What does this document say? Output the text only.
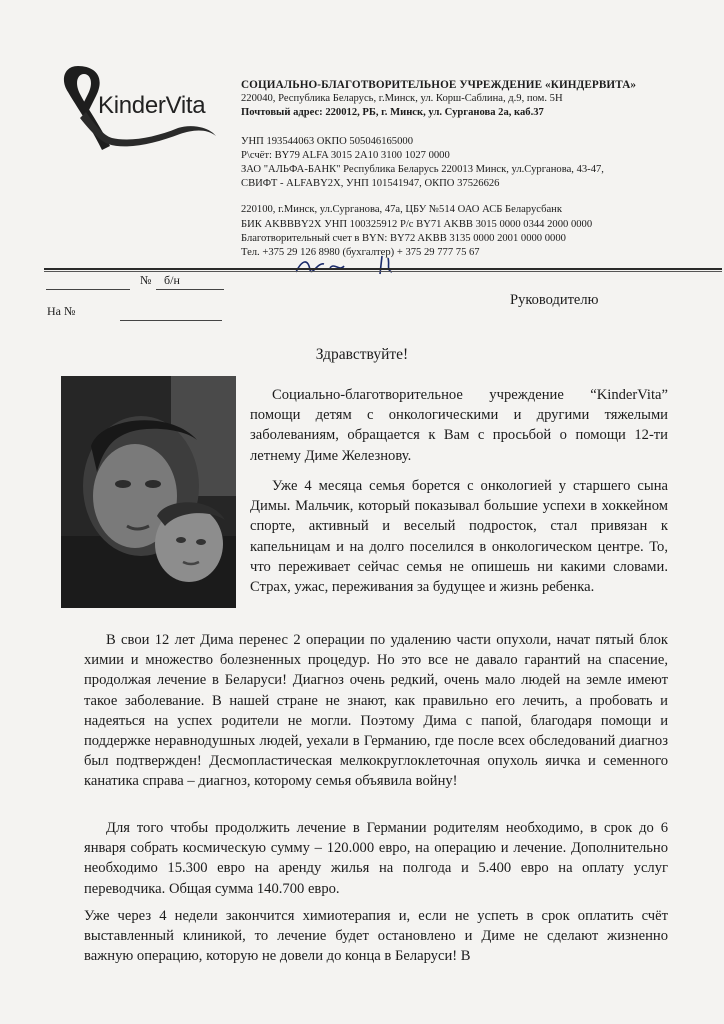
KinderVita
СОЦИАЛЬНО-БЛАГОТВОРИТЕЛЬНОЕ УЧРЕЖДЕНИЕ «КИНДЕРВИТА»
220040, Республика Беларусь, г.Минск, ул. Корш-Саблина, д.9, пом. 5Н
Почтовый адрес: 220012, РБ, г. Минск, ул. Сурганова 2а, каб.37
УНП 193544063 ОКПО 505046165000
Р\счёт: BY79 ALFA 3015 2A10 3100 1027 0000
ЗАО "АЛЬФА-БАНК" Республика Беларусь 220013 Минск, ул.Сурганова, 43-47,
СВИФТ - ALFABY2X, УНП 101541947, ОКПО 37526626
220100, г.Минск, ул.Сурганова, 47а, ЦБУ №514 ОАО АСБ Беларусбанк
БИК AKBBBY2X УНП 100325912 Р/с BY71 AKBB 3015 0000 0344 2000 0000
Благотворительный счет в BYN: BY72 AKBB 3135 0000 2001 0000 0000
Тел. +375 29 126 8980 (бухгалтер) + 375 29 777 75 67
№ б/н
На №
Руководителю
Здравствуйте!

Социально-благотворительное учреждение “KinderVita” помощи детям с онкологическими и другими тяжелыми заболеваниям, обращается к Вам с просьбой о помощи 12-ти летнему Диме Железнову.

Уже 4 месяца семья борется с онкологией у старшего сына Димы. Мальчик, который показывал большие успехи в хоккейном спорте, активный и веселый подросток, стал привязан к капельницам и на долго поселился в онкологическом центре. То, что переживает сейчас семья не опишешь ни какими словами. Страх, ужас, переживания за будущее и жизнь ребенка.

В свои 12 лет Дима перенес 2 операции по удалению части опухоли, начат пятый блок химии и множество болезненных процедур. Но это все не давало гарантий на спасение, продолжая лечение в Беларуси! Диагноз очень редкий, очень мало людей на земле имеют такое заболевание. В нашей стране не знают, как правильно его лечить, а пробовать и надеяться на успех родители не могли. Поэтому Дима с папой, благодаря помощи и поддержке неравнодушных людей, уехали в Германию, где после всех обследований диагноз был подтвержден! Десмопластическая мелкокруглоклеточная опухоль яичка и семенного канатика справа – диагноз, которому семья объявила войну!

Для того чтобы продолжить лечение в Германии родителям необходимо, в срок до 6 января собрать космическую сумму – 120.000 евро, на операцию и лечение. Дополнительно необходимо 15.300 евро на аренду жилья на полгода и 5.400 евро на оплату услуг переводчика. Общая сумма 140.700 евро.

Уже через 4 недели закончится химиотерапия и, если не успеть в срок оплатить счёт выставленный клиникой, то лечение будет остановлено и Диме не сделают жизненно важную операцию, которую не довели до конца в Беларуси! В
